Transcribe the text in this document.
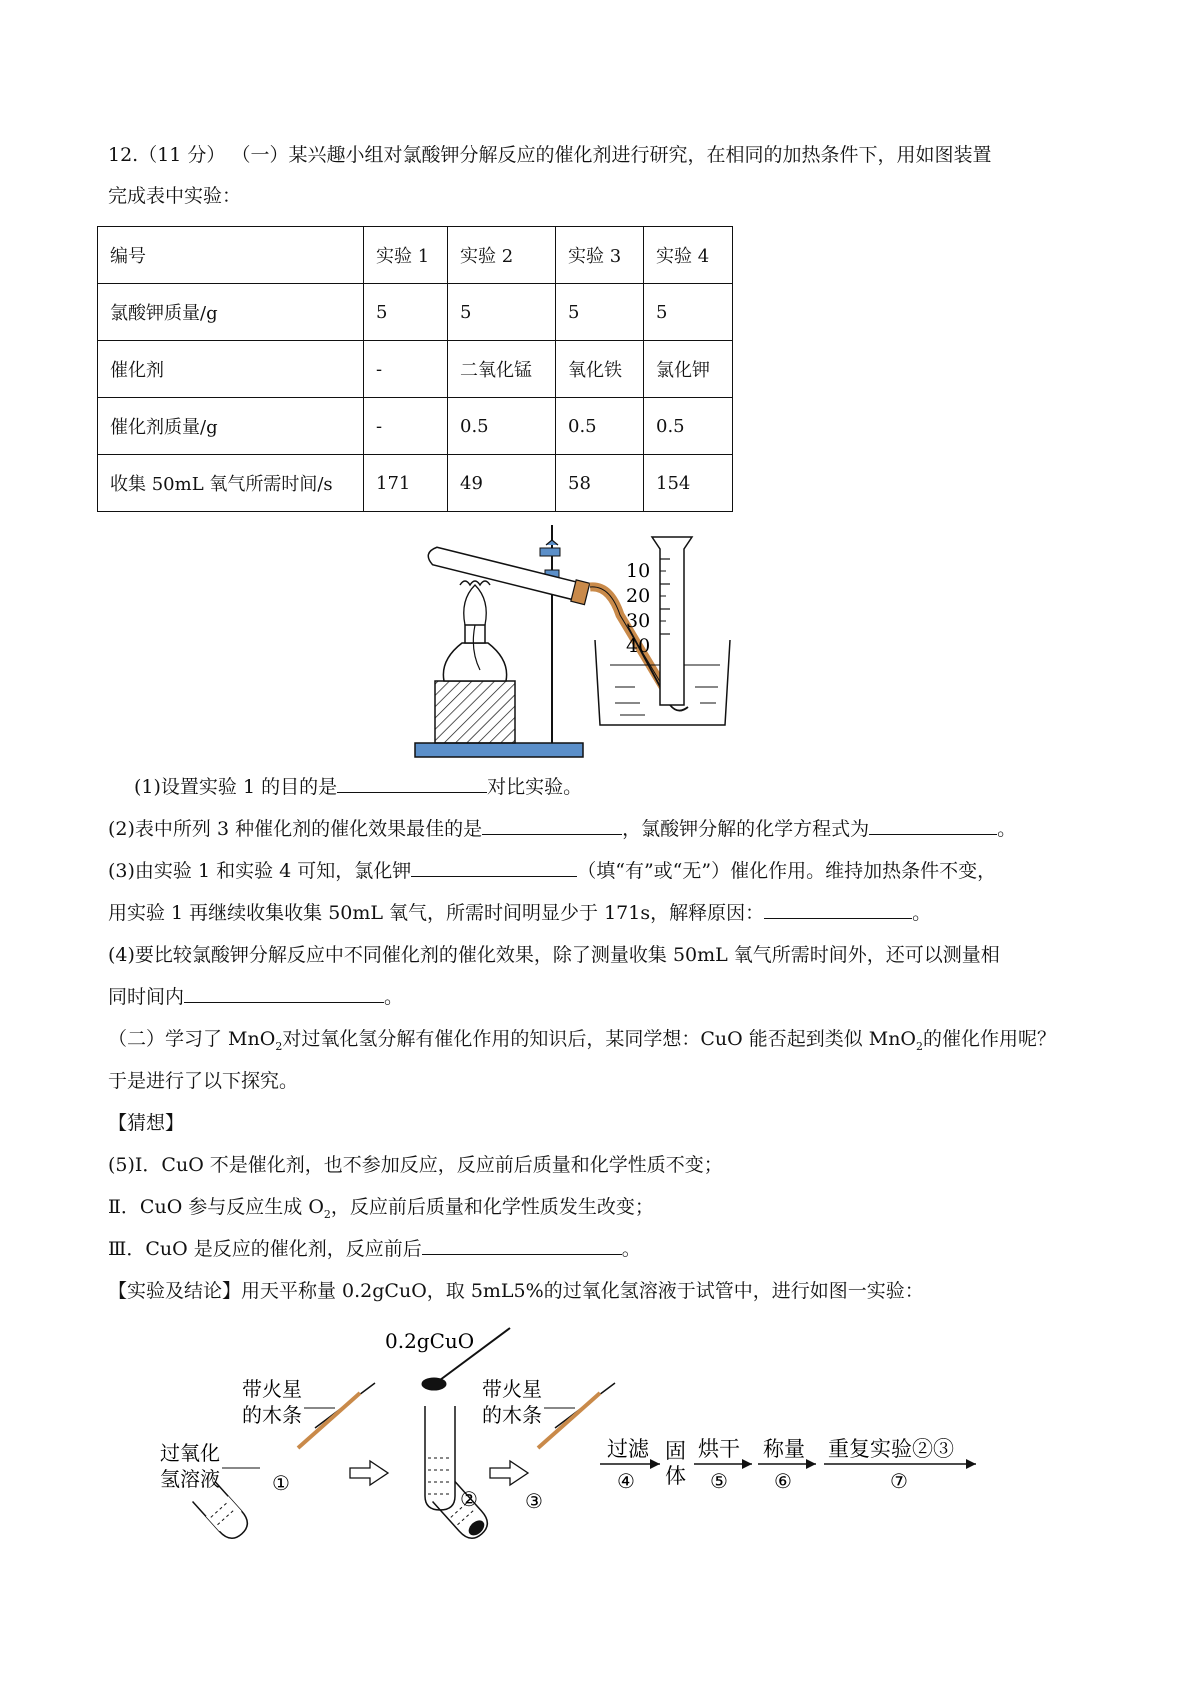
12.（11 分） （一）某兴趣小组对氯酸钾分解反应的催化剂进行研究，在相同的加热条件下，用如图装置
完成表中实验：
编号	实验 1	实验 2	实验 3	实验 4
氯酸钾质量/g	5	5	5	5
催化剂	-	二氧化锰	氧化铁	氯化钾
催化剂质量/g	-	0.5	0.5	0.5
收集 50mL 氧气所需时间/s	171	49	58	154
10
20
30
40
(1)设置实验 1 的目的是	对比实验。
(2)表中所列 3 种催化剂的催化效果最佳的是	，氯酸钾分解的化学方程式为	。
(3)由实验 1 和实验 4 可知，氯化钾	（填“有”或“无”）催化作用。维持加热条件不变，
用实验 1 再继续收集收集 50mL 氧气，所需时间明显少于 171s，解释原因：	。
(4)要比较氯酸钾分解反应中不同催化剂的催化效果，除了测量收集 50mL 氧气所需时间外，还可以测量相
同时间内	。
（二）学习了 MnO$_2$对过氧化氢分解有催化作用的知识后，某同学想：CuO 能否起到类似 MnO$_2$的催化作用呢？
于是进行了以下探究。
【猜想】
(5)Ⅰ．CuO 不是催化剂，也不参加反应，反应前后质量和化学性质不变；
Ⅱ．CuO 参与反应生成 $O_2$，反应前后质量和化学性质发生改变；
Ⅲ．CuO 是反应的催化剂，反应前后	。
【实验及结论】用天平称量 0.2gCuO，取 5mL5%的过氧化氢溶液于试管中，进行如图一实验：
0.2gCuO
带火星
的木条
过氧化
氢溶液	①
②
带火星
的木条
③
过滤
④
固
体
烘干
⑤
称量
⑥
重复实验②③
⑦
